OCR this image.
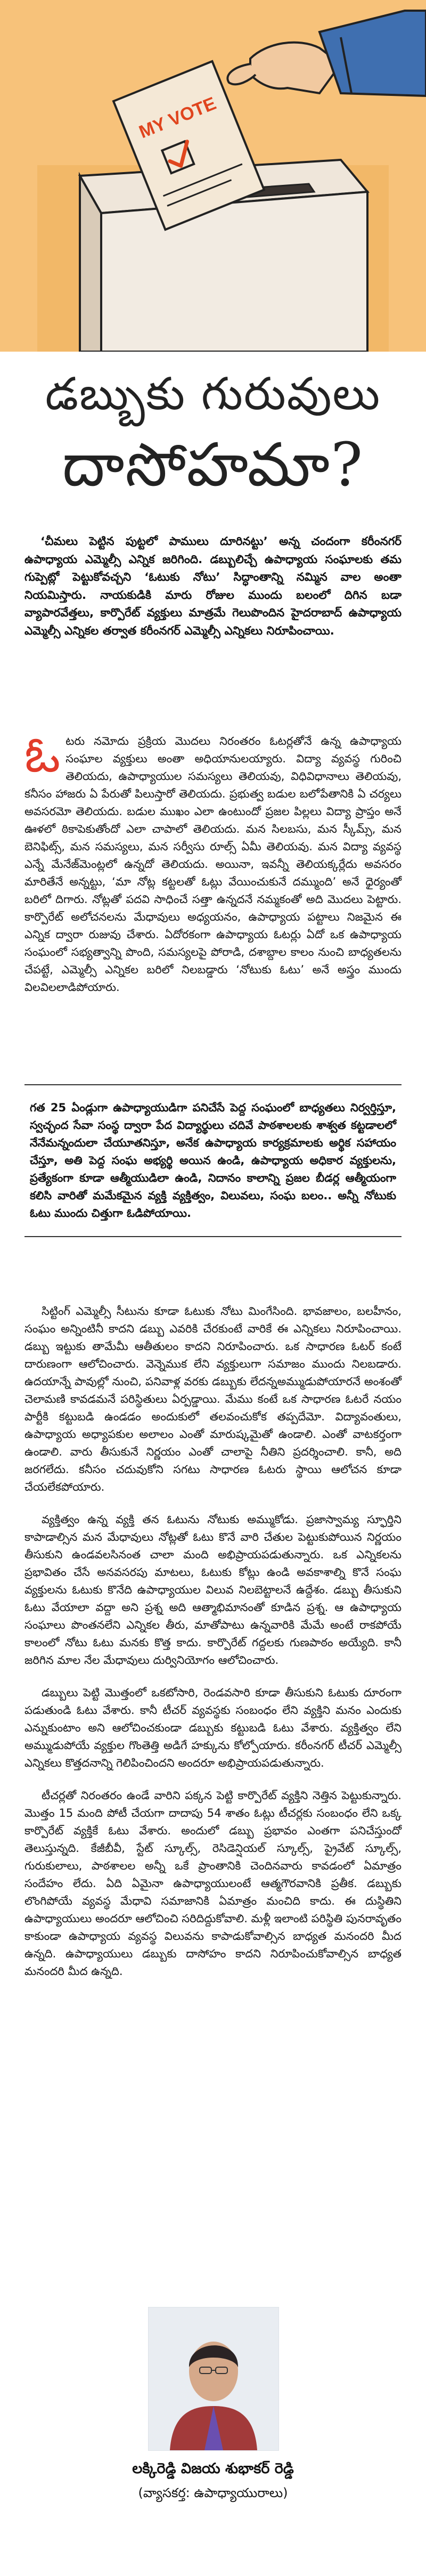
MY VOTE
డబ్బుకు గురువులు
దాసోహమా?
‘చీమలు పెట్టిన పుట్టలో పాములు దూరినట్టు’ అన్న చందంగా కరీంనగర్ ఉపాధ్యాయ ఎమ్మెల్సీ ఎన్నిక జరిగింది. డబ్బులిచ్చే ఉపాధ్యాయ సంఘాలకు తమ గుప్పెట్లో పెట్టుకోవచ్చని ‘ఓటుకు నోటు’ సిద్ధాంతాన్ని నమ్మిన వాల అంతా నియమిస్తారు. నాయకుడికి మారు రోజుల ముందు బలంలో దిగిన బడా వ్యాపారవేత్తలు, కార్పొరేట్ వ్యక్తులు మాత్రమే గెలుపొందిన హైదరాబాద్ ఉపాధ్యాయ ఎమ్మెల్సీ ఎన్నికల తర్వాత కరీంనగర్ ఎమ్మెల్సీ ఎన్నికలు నిరూపించాయి.

ఓటరు నమోదు ప్రక్రియ మొదలు నిరంతరం ఓటర్లతోనే ఉన్న ఉపాధ్యాయ సంఘాల వ్యక్తులు అంతా అధియానులయ్యారు. విద్యా వ్యవస్థ గురించి తెలియదు, ఉపాధ్యాయుల సమస్యలు తెలియవు, విధివిధానాలు తెలియవు, కనీసం హాజరు ఏ పేరుతో పిలుస్తారో తెలియదు. ప్రభుత్వ బడుల బలోపేతానికి ఏ చర్యలు అవసరమో తెలియదు. బడుల ముఖం ఎలా ఉంటుందో ప్రజల పిల్లలు విద్యా ప్రాప్తం అనే ఊళలో ఠికాపెకుతోందో ఎలా చాపాలో తెలియదు. మన సిలబసు, మన స్కీమ్స్, మన బెనిఫిట్స్, మన సమస్యలు, మన సర్వీసు రూల్స్ ఏమీ తెలియవు. మన విద్యా వ్యవస్థ ఎన్నే మేనేజ్‌మెంట్లలో ఉన్నదో తెలియదు. అయినా, ఇవన్నీ తెలియక్కర్లేదు అవసరం మారితేనే అన్నట్టు, ‘మా నోట్ల కట్టలతో ఓట్లు వేయించుకునే దమ్ముంది’ అనే ధైర్యంతో బరిలో దిగారు. నోట్లతో పదవి సాధించే సత్తా ఉన్నదనే నమ్మకంతో అది మొదలు పెట్టారు. కార్పొరేట్ అలోచనలను మేధావులు అధ్యయనం, ఉపాధ్యాయ పట్టాలు నిజమైన ఈ ఎన్నిక ద్వారా రుజువు చేశారు. ఏదోరకంగా ఉపాధ్యాయ ఓటర్లు ఏదో ఒక ఉపాధ్యాయ సంఘంలో సభ్యత్వాన్ని పొంది, సమస్యలపై పోరాడి, దశాబ్దాల కాలం నుంచి బాధ్యతలను చేపట్టే, ఎమ్మెల్సీ ఎన్నికల బరిలో నిలబడ్డారు ‘నోటుకు ఓటు’ అనే అస్త్రం ముందు విలవిలలాడిపోయారు.

గత 25 ఏండ్లుగా ఉపాధ్యాయుడిగా పనిచేసే పెద్ద సంఘంలో బాధ్యతలు నిర్వర్తిస్తూ, స్వచ్ఛంద సేవా సంస్థ ద్వారా పేద విద్యార్థులు చదివే పాఠశాలలకు శాశ్వత కట్టడాలలో నేనేమన్నందులా చేయూతనిస్తూ, అనేక ఉపాధ్యాయ కార్యక్రమాలకు అర్థిక సహాయం చేస్తూ, అతి పెద్ద సంఘ అభ్యర్థి అయిన ఉండి, ఉపాధ్యాయ అధికార వ్యక్తులను, ప్రత్యేకంగా కూడా ఆత్మీయుడిలా ఉండి, నిదానం కాలాన్ని ప్రజల బీడర్ల ఆత్మీయంగా కలిసి వారితో మమేకమైన వ్యక్తి వ్యక్తిత్వం, విలువలు, సంఘ బలం.. అన్నీ నోటుకు ఓటు ముందు చిత్తుగా ఓడిపోయాయి.

సిట్టింగ్ ఎమ్మెల్సీ సీటును కూడా ఓటుకు నోటు మింగేసింది. భావజాలం, బలహీనం, సంఘం అన్నింటినీ కాదని డబ్బు ఎవరికి చేరకుంటే వారికే ఈ ఎన్నికలు నిరూపించాయి. డబ్బు ఇట్టుకు తామేమీ ఆతీతులం కాదని నిరూపించారు. ఒక సాధారణ ఓటర్ కంటే దారుణంగా ఆలోచించారు. వెన్నెముక లేని వ్యక్తులుగా సమాజం ముందు నిలబడారు. ఉదయాన్నే పావుల్లో నుంచి, పనివాళ్ల వరకు డబ్బుకు లేదన్నఅమ్ముడుపోయారనే అంశంతో చెలామణి కావడమనే పరిస్థితులు ఏర్పడ్డాయి. మేము కంటే ఒక సాధారణ ఓటరే నయం పార్టీకి కట్టుబడి ఉండడం అందుకులో తలవంచుకోక తప్పదేమో. విద్యావంతులు, ఉపాధ్యాయ అధ్యాపకుల అలాలం ఎంతో మారుష్కమైతో ఉండాలి. ఎంతో వాటకర్తంగా ఉండాలి. వారు తీసుకునే నిర్ణయం ఎంతో చాలాపై నీతిని ప్రదర్శించాలి. కానీ, అది జరగలేదు. కనీసం చదువుకోని సగటు సాధారణ ఓటరు స్థాయి ఆలోచన కూడా చేయలేకపోయారు.

వ్యక్తిత్వం ఉన్న వ్యక్తి తన ఓటును నోటుకు అమ్ముకోడు. ప్రజాస్వామ్య స్ఫూర్తిని కాపాడాల్సిన మన మేధావులు నోట్లతో ఓటు కొనే వారి చేతుల పెట్టుకుపోయిన నిర్ణయం తీసుకుని ఉండవలసినంత చాలా మంది అభిప్రాయపడుతున్నారు. ఒక ఎన్నికలను ప్రభావితం చేసే అనవసరపు మాటలు, ఓటుకు కోట్లు ఉండి అవకాశాల్ని కొనే సంఘ వ్యక్తులను ఓటుకు కొనేది ఉపాధ్యాయుల విలువ నిలబెట్టాలనే ఉద్దేశం. డబ్బు తీసుకుని ఓటు వేయాలా వద్దా అని ప్రశ్న అది ఆత్మాభిమానంతో కూడిన ప్రశ్న. ఆ ఉపాధ్యాయ సంఘాలు పొంతనలేని ఎన్నికల తీరు, మాతోపాటు ఉన్నవారికి మేమే అంటే రాకపోయే కాలంలో నోటు ఓటు మనకు కొత్త కాదు. కార్పొరేట్ గద్దలకు గుణపాఠం అయ్యేది. కానీ జరిగిన మాల నేల మేధావులు దుర్వినియోగం ఆలోచించారు.

డబ్బులు పెట్టి మొత్తంలో ఒకటోసారి, రెండవసారి కూడా తీసుకుని ఓటుకు దూరంగా పడుతుండి ఓటు వేశారు. కానీ టీచర్ వ్యవస్థకు సంబంధం లేని వ్యక్తిని మనం ఎందుకు ఎన్నుకుంటాం అని ఆలోచించకుండా డబ్బుకు కట్టుబడి ఓటు వేశారు. వ్యక్తిత్వం లేని అమ్ముడుపోయే వ్యక్తుల గొంతెత్తి అడిగే హక్కును కోల్పోయారు. కరీంనగర్ టీచర్ ఎమ్మెల్సీ ఎన్నికలు కొత్తదనాన్ని గెలిపించిందని అందరూ అభిప్రాయపడుతున్నారు.

టీచర్లతో నిరంతరం ఉండే వారిని పక్కన పెట్టి కార్పొరేట్ వ్యక్తిని నెత్తిన పెట్టుకున్నారు. మొత్తం 15 మంది పోటీ చేయగా దాదాపు 54 శాతం ఓట్లు టీచర్లకు సంబంధం లేని ఒక్క కార్పొరేట్ వ్యక్తికే ఓటు వేశారు. అందులో డబ్బు ప్రభావం ఎంతగా పనిచేస్తుందో తెలుస్తున్నది. కేజీబీవీ, స్టేట్ స్కూల్స్, రెసిడెన్షియల్ స్కూల్స్, ప్రైవేట్ స్కూల్స్, గురుకులాలు, పాఠశాలల అన్నీ ఒకే ప్రాంతానికి చెందినవారు కావడంలో ఏమాత్రం సందేహం లేదు. ఏది ఏమైనా ఉపాధ్యాయులంటే ఆత్మగౌరవానికి ప్రతీక. డబ్బుకు లొంగిపోయే వ్యవస్థ మేధావి సమాజానికి ఏమాత్రం మంచిది కాదు. ఈ దుస్థితిని ఉపాధ్యాయులు అందరూ ఆలోచించి సరిదిద్దుకోవాలి. మళ్లీ ఇలాంటి పరిస్థితి పునరావృతం కాకుండా ఉపాధ్యాయ వ్యవస్థ విలువను కాపాడుకోవాల్సిన బాధ్యత మనందరి మీద ఉన్నది. ఉపాధ్యాయులు డబ్బుకు దాసోహం కాదని నిరూపించుకోవాల్సిన బాధ్యత మనందరి మీద ఉన్నది.

లక్కిరెడ్డి విజయ శుభాకర్ రెడ్డి
(వ్యాసకర్త: ఉపాధ్యాయురాలు)
